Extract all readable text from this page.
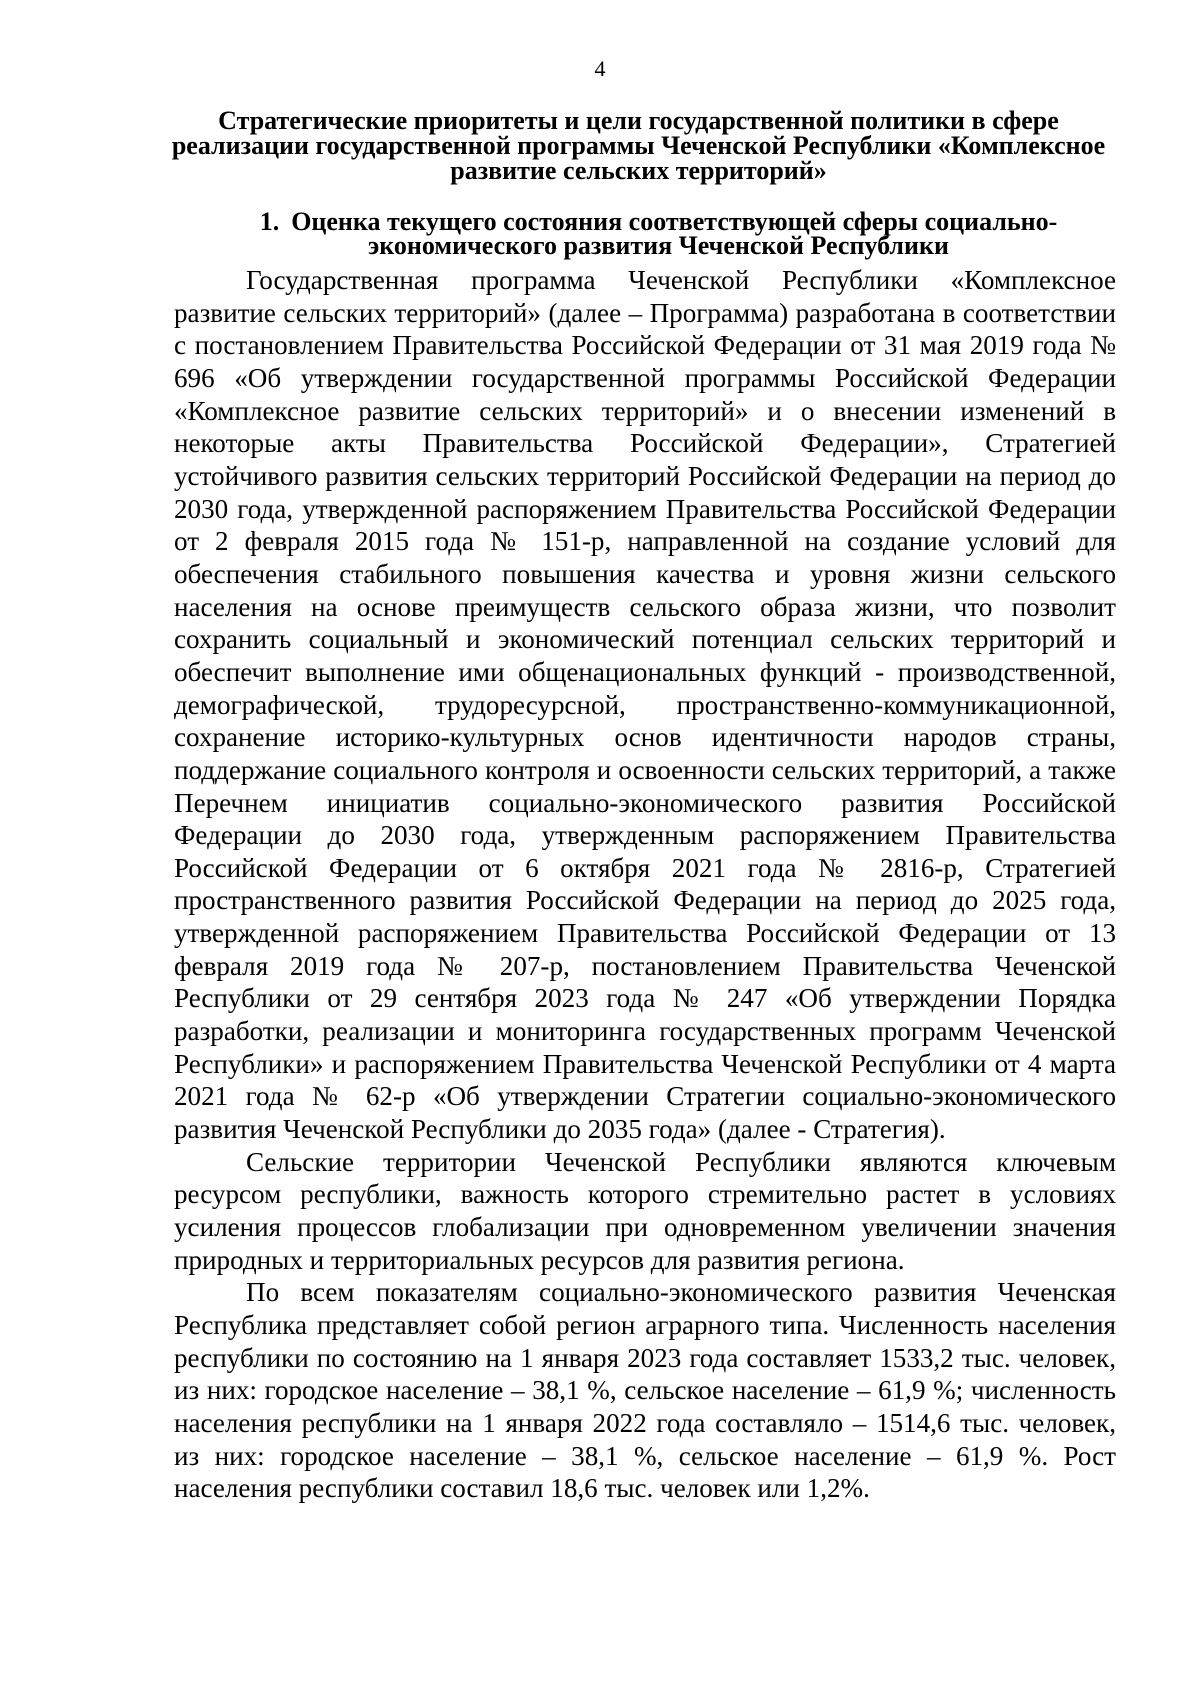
4
Стратегические приоритеты и цели государственной политики в сфере реализации государственной программы Чеченской Республики «Комплексное развитие сельских территорий»
1. Оценка текущего состояния соответствующей сферы социально-экономического развития Чеченской Республики

Государственная программа Чеченской Республики «Комплексное развитие сельских территорий» (далее – Программа) разработана в соответствии с постановлением Правительства Российской Федерации от 31 мая 2019 года № 696 «Об утверждении государственной программы Российской Федерации «Комплексное развитие сельских территорий» и о внесении изменений в некоторые акты Правительства Российской Федерации», Стратегией устойчивого развития сельских территорий Российской Федерации на период до 2030 года, утвержденной распоряжением Правительства Российской Федерации от 2 февраля 2015 года № 151-р, направленной на создание условий для обеспечения стабильного повышения качества и уровня жизни сельского населения на основе преимуществ сельского образа жизни, что позволит сохранить социальный и экономический потенциал сельских территорий и обеспечит выполнение ими общенациональных функций - производственной, демографической, трудоресурсной, пространственно-коммуникационной, сохранение историко-культурных основ идентичности народов страны, поддержание социального контроля и освоенности сельских территорий, а также Перечнем инициатив социально-экономического развития Российской Федерации до 2030 года, утвержденным распоряжением Правительства Российской Федерации от 6 октября 2021 года № 2816-р, Стратегией пространственного развития Российской Федерации на период до 2025 года, утвержденной распоряжением Правительства Российской Федерации от 13 февраля 2019 года № 207-р, постановлением Правительства Чеченской Республики от 29 сентября 2023 года № 247 «Об утверждении Порядка разработки, реализации и мониторинга государственных программ Чеченской Республики» и распоряжением Правительства Чеченской Республики от 4 марта 2021 года № 62-р «Об утверждении Стратегии социально-экономического развития Чеченской Республики до 2035 года» (далее - Стратегия).

Сельские территории Чеченской Республики являются ключевым ресурсом республики, важность которого стремительно растет в условиях усиления процессов глобализации при одновременном увеличении значения природных и территориальных ресурсов для развития региона.

По всем показателям социально-экономического развития Чеченская Республика представляет собой регион аграрного типа. Численность населения республики по состоянию на 1 января 2023 года составляет 1533,2 тыс. человек, из них: городское население – 38,1 %, сельское население – 61,9 %; численность населения республики на 1 января 2022 года составляло – 1514,6 тыс. человек, из них: городское население – 38,1 %, сельское население – 61,9 %. Рост населения республики составил 18,6 тыс. человек или 1,2%.
